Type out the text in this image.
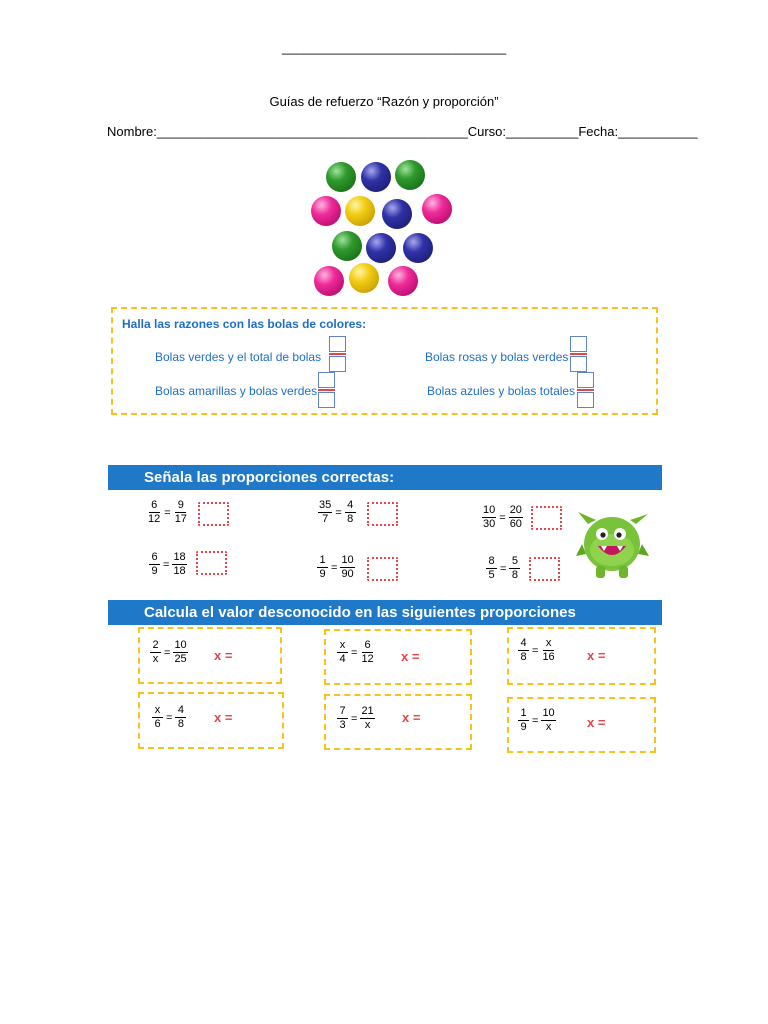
_______________________________
Guías de refuerzo “Razón y proporción”
Nombre:___________________________________________Curso:__________Fecha:___________
Halla las razones con las bolas de colores:
Bolas verdes y el total de bolas	Bolas rosas y bolas verdes
Bolas amarillas y bolas verdes	Bolas azules y bolas totales
Señala las proporciones correctas:
$\frac{6}{12} = \frac{9}{17}$	$\frac{35}{7} = \frac{4}{8}$	$\frac{10}{30} = \frac{20}{60}$
$\frac{6}{9} = \frac{18}{18}$	$\frac{1}{9} = \frac{10}{90}$	$\frac{8}{5} = \frac{5}{8}$
Calcula el valor desconocido en las siguientes proporciones
$\frac{2}{x} = \frac{10}{25}$ x =	$\frac{x}{4} = \frac{6}{12}$ x =	$\frac{4}{8} = \frac{x}{16}$ x =
$\frac{x}{6} = \frac{4}{8}$ x =	$\frac{7}{3} = \frac{21}{x}$ x =	$\frac{1}{9} = \frac{10}{x}$ x =
